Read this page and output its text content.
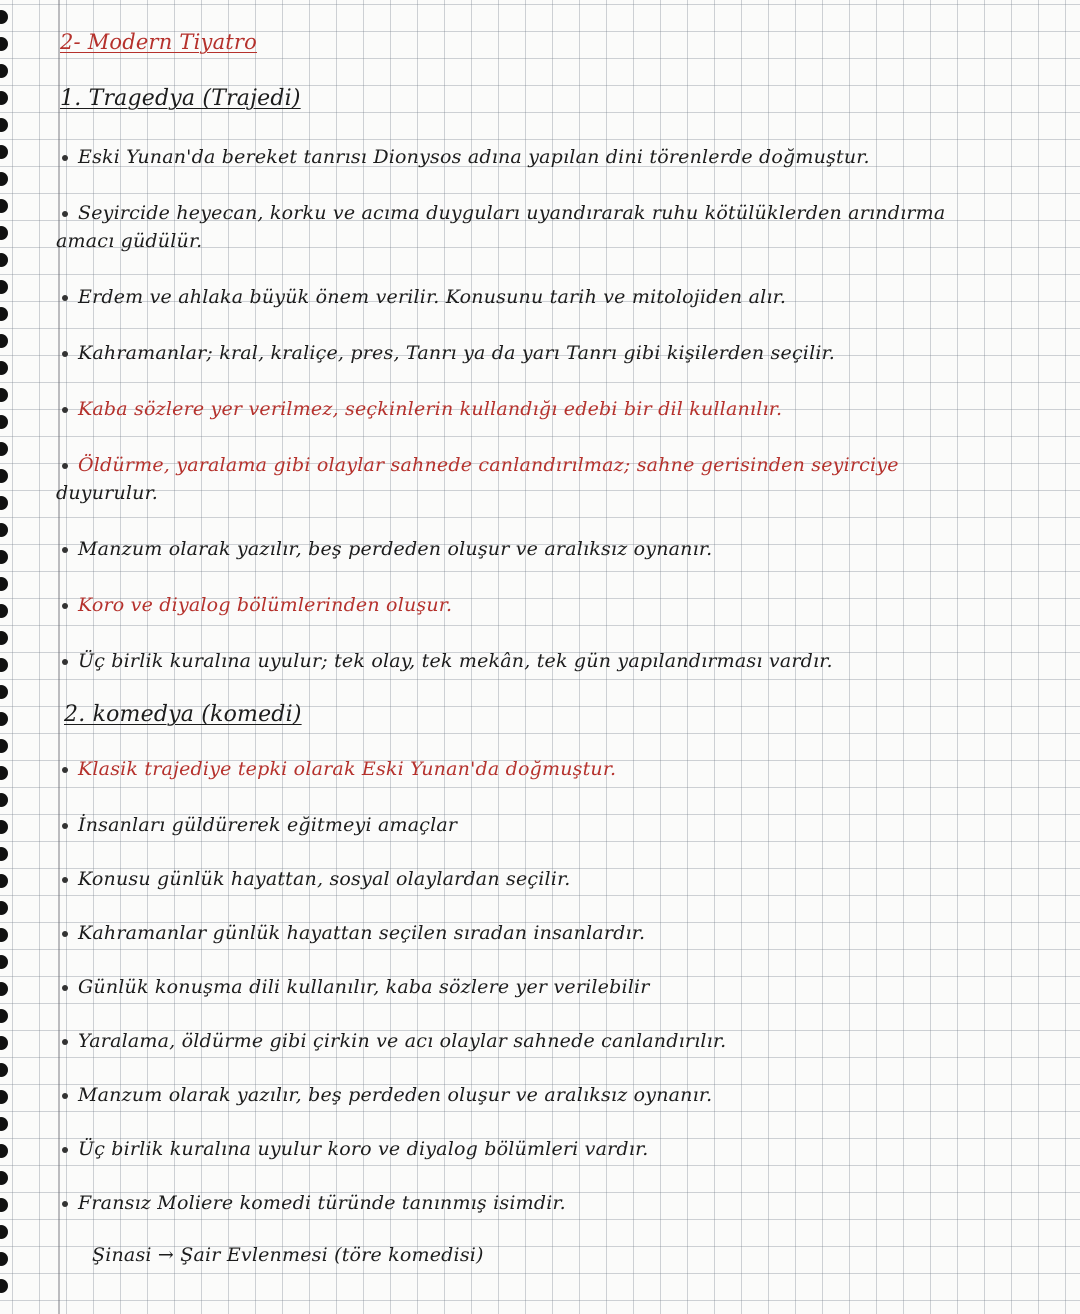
2- Modern Tiyatro
1. Tragedya (Trajedi)
Eski Yunan'da bereket tanrısı Dionysos adına yapılan dini törenlerde doğmuştur.
Seyircide heyecan, korku ve acıma duyguları uyandırarak ruhu kötülüklerden arındırma
amacı güdülür.
Erdem ve ahlaka büyük önem verilir. Konusunu tarih ve mitolojiden alır.
Kahramanlar; kral, kraliçe, pres, Tanrı ya da yarı Tanrı gibi kişilerden seçilir.
Kaba sözlere yer verilmez, seçkinlerin kullandığı edebi bir dil kullanılır.
Öldürme, yaralama gibi olaylar sahnede canlandırılmaz; sahne gerisinden seyirciye
duyurulur.
Manzum olarak yazılır, beş perdeden oluşur ve aralıksız oynanır.
Koro ve diyalog bölümlerinden oluşur.
Üç birlik kuralına uyulur; tek olay, tek mekân, tek gün yapılandırması vardır.
2. komedya (komedi)
Klasik trajediye tepki olarak Eski Yunan'da doğmuştur.
İnsanları güldürerek eğitmeyi amaçlar
Konusu günlük hayattan, sosyal olaylardan seçilir.
Kahramanlar günlük hayattan seçilen sıradan insanlardır.
Günlük konuşma dili kullanılır, kaba sözlere yer verilebilir
Yaralama, öldürme gibi çirkin ve acı olaylar sahnede canlandırılır.
Manzum olarak yazılır, beş perdeden oluşur ve aralıksız oynanır.
Üç birlik kuralına uyulur koro ve diyalog bölümleri vardır.
Fransız Moliere komedi türünde tanınmış isimdir.
Şinasi → Şair Evlenmesi (töre komedisi)
